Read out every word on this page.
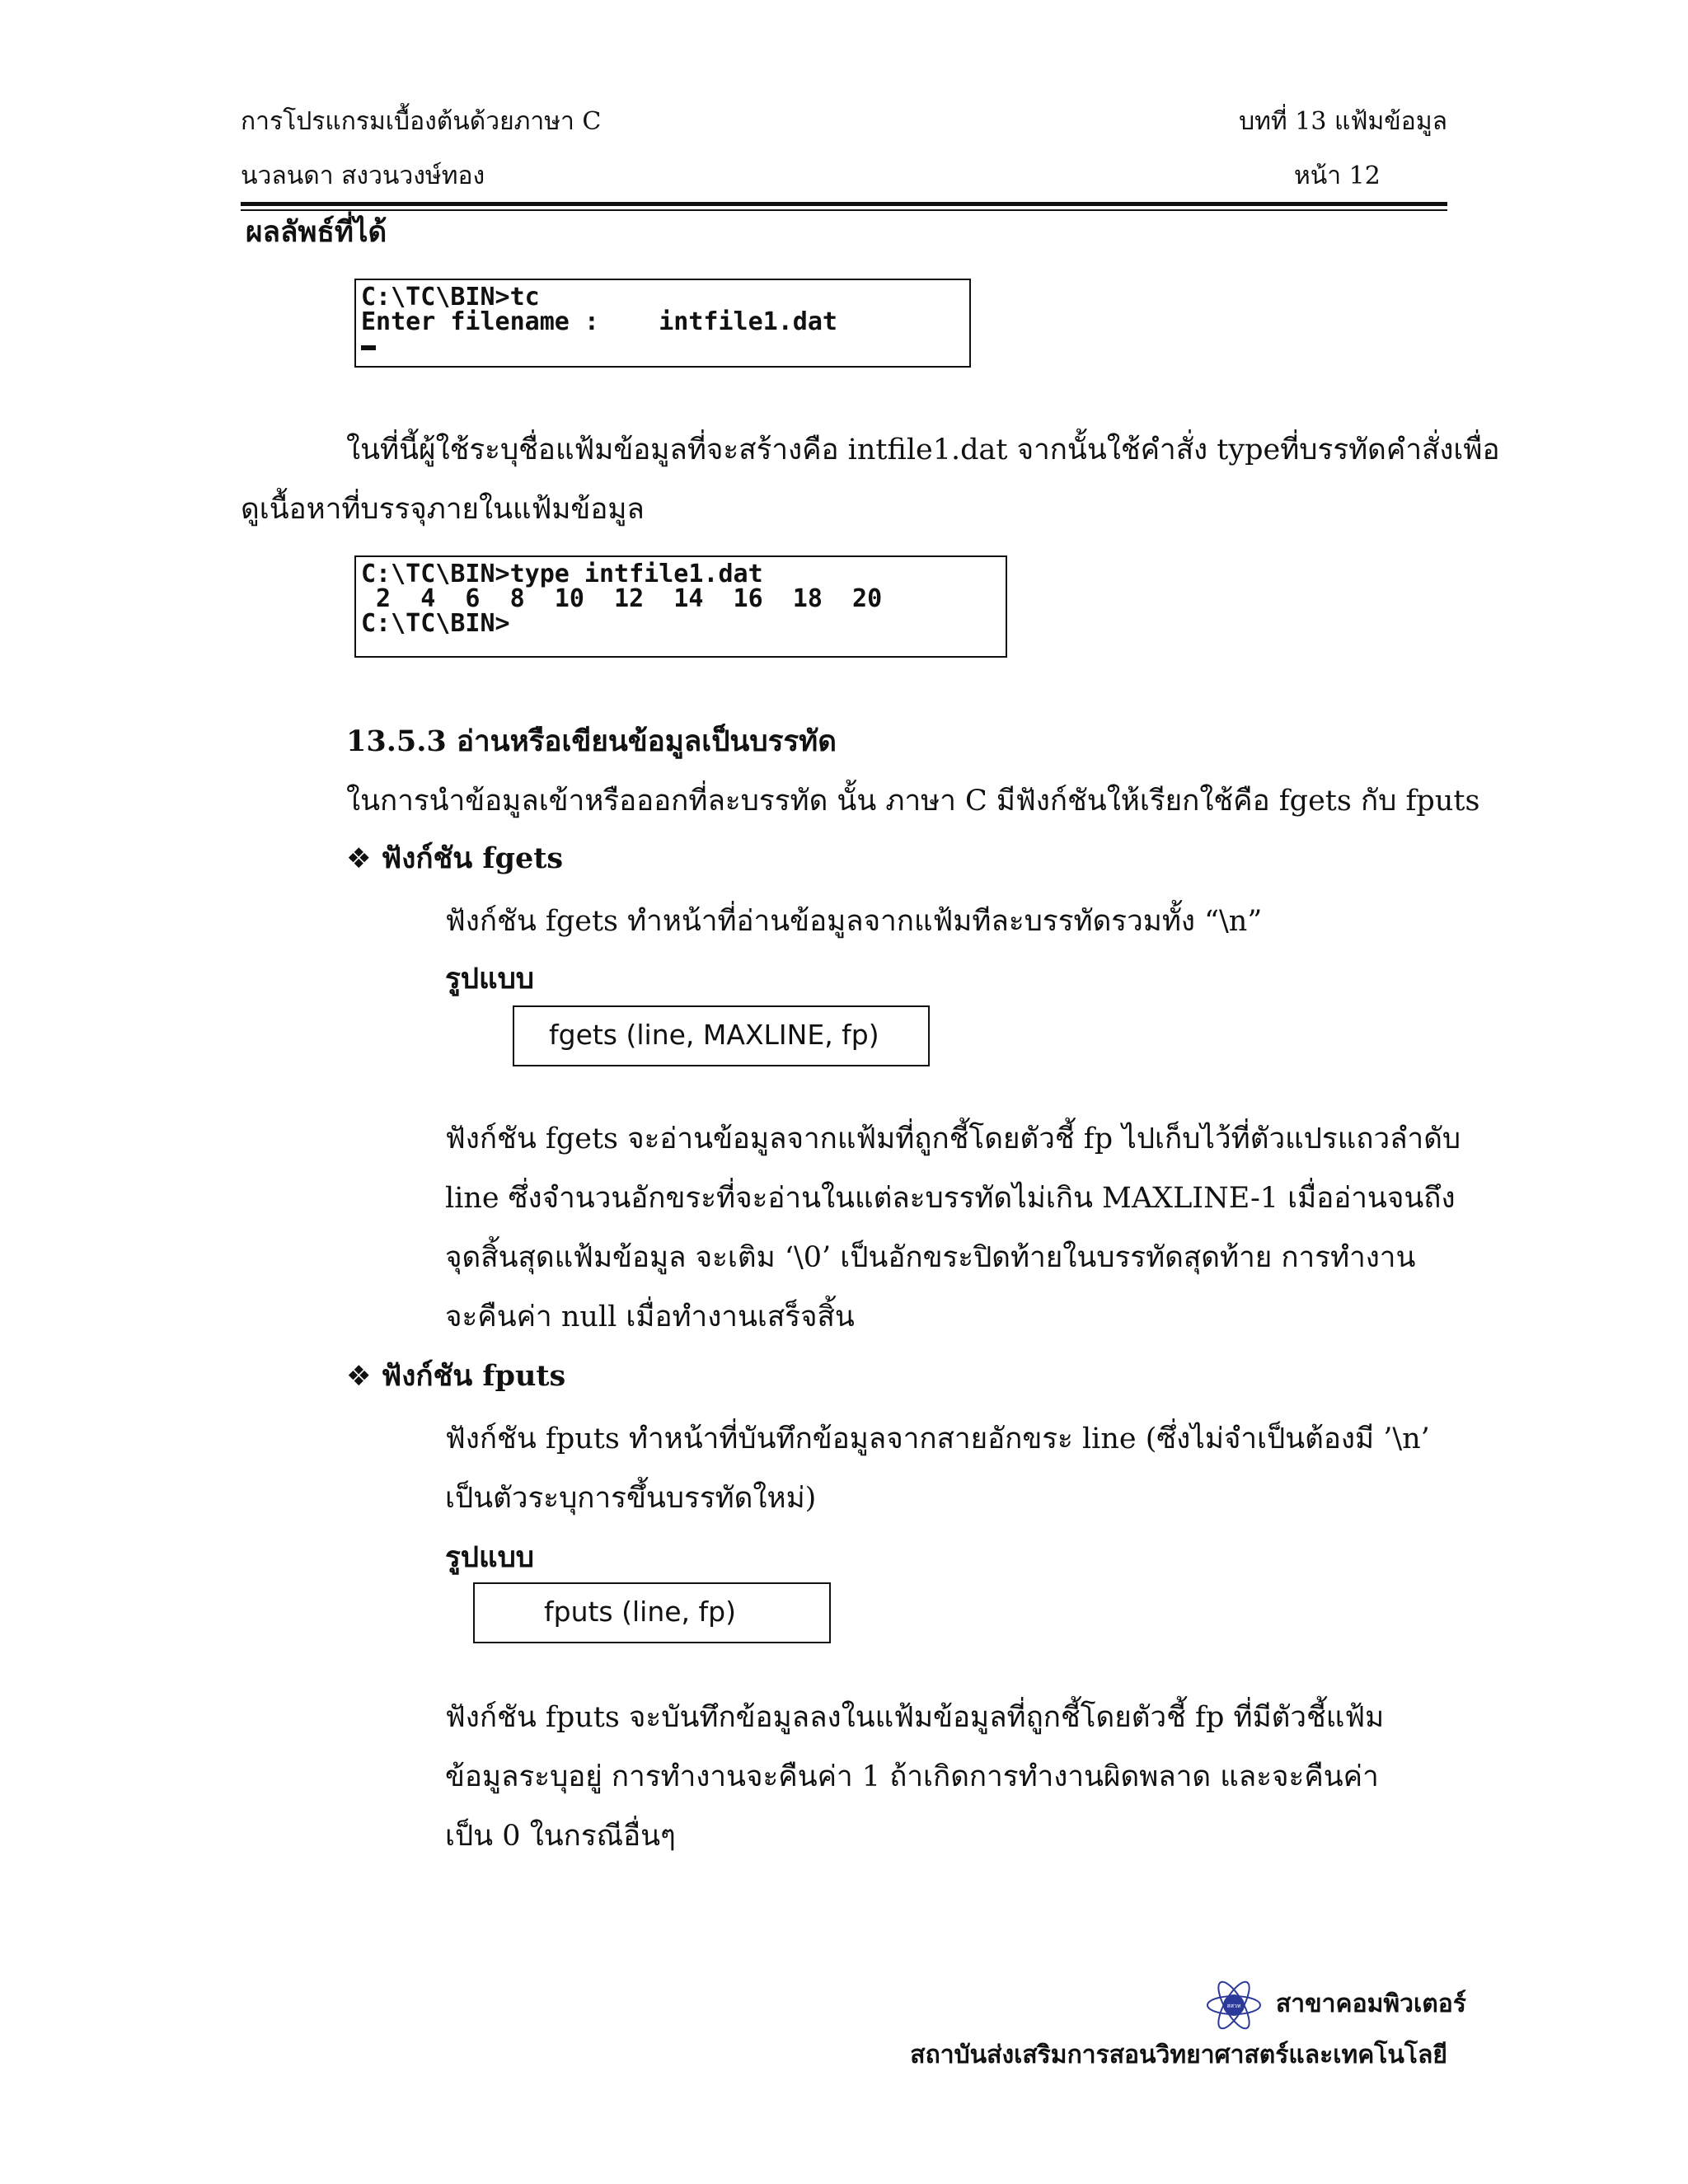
การโปรแกรมเบื้องต้นด้วยภาษา C
นวลนดา สงวนวงษ์ทอง
บทที่ 13 แฟ้มข้อมูล
หน้า 12
ผลลัพธ์ที่ได้
C:\TC\BIN>tc
Enter filename :    intfile1.dat
ในที่นี้ผู้ใช้ระบุชื่อแฟ้มข้อมูลที่จะสร้างคือ intfile1.dat จากนั้นใช้คำสั่ง typeที่บรรทัดคำสั่งเพื่อ
ดูเนื้อหาที่บรรจุภายในแฟ้มข้อมูล
C:\TC\BIN>type intfile1.dat
2  4  6  8  10  12  14  16  18  20
C:\TC\BIN>
13.5.3 อ่านหรือเขียนข้อมูลเป็นบรรทัด
ในการนำข้อมูลเข้าหรือออกที่ละบรรทัด นั้น ภาษา C มีฟังก์ชันให้เรียกใช้คือ fgets กับ fputs
❖ ฟังก์ชัน fgets
ฟังก์ชัน fgets ทำหน้าที่อ่านข้อมูลจากแฟ้มทีละบรรทัดรวมทั้ง “\n”
รูปแบบ
fgets (line, MAXLINE, fp)
ฟังก์ชัน fgets จะอ่านข้อมูลจากแฟ้มที่ถูกชี้โดยตัวชี้ fp ไปเก็บไว้ที่ตัวแปรแถวลำดับ
line ซึ่งจำนวนอักขระที่จะอ่านในแต่ละบรรทัดไม่เกิน MAXLINE-1 เมื่ออ่านจนถึง
จุดสิ้นสุดแฟ้มข้อมูล จะเติม ‘\0’ เป็นอักขระปิดท้ายในบรรทัดสุดท้าย การทำงาน
จะคืนค่า null เมื่อทำงานเสร็จสิ้น
❖ ฟังก์ชัน fputs
ฟังก์ชัน fputs ทำหน้าที่บันทึกข้อมูลจากสายอักขระ line (ซึ่งไม่จำเป็นต้องมี ’\n’
เป็นตัวระบุการขึ้นบรรทัดใหม่)
รูปแบบ
fputs (line, fp)
ฟังก์ชัน fputs จะบันทึกข้อมูลลงในแฟ้มข้อมูลที่ถูกชี้โดยตัวชี้ fp ที่มีตัวชี้แฟ้ม
ข้อมูลระบุอยู่ การทำงานจะคืนค่า 1 ถ้าเกิดการทำงานผิดพลาด และจะคืนค่า
เป็น 0 ในกรณีอื่นๆ
สสวท สาขาคอมพิวเตอร์
สถาบันส่งเสริมการสอนวิทยาศาสตร์และเทคโนโลยี
